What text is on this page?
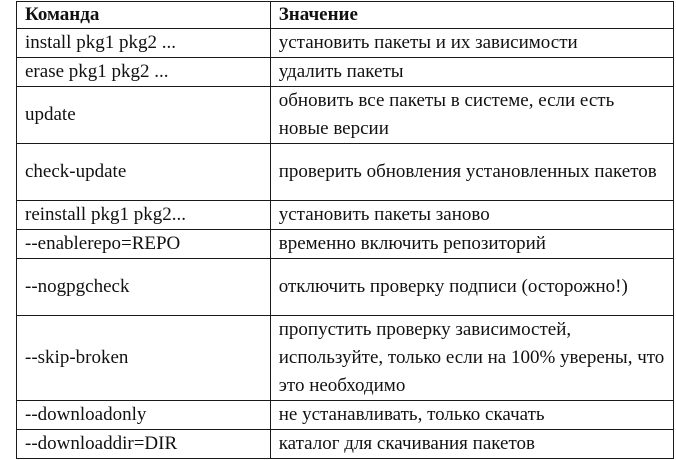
Команда	Значение
install pkg1 pkg2 ...	установить пакеты и их зависимости
erase pkg1 pkg2 ...	удалить пакеты
update	обновить все пакеты в системе, если есть новые версии
check-update	проверить обновления установленных пакетов
reinstall pkg1 pkg2...	установить пакеты заново
--enablerepo=REPO	временно включить репозиторий
--nogpgcheck	отключить проверку подписи (осторожно!)
--skip-broken	пропустить проверку зависимостей, используйте, только если на 100% уверены, что это необходимо
--downloadonly	не устанавливать, только скачать
--downloaddir=DIR	каталог для скачивания пакетов
